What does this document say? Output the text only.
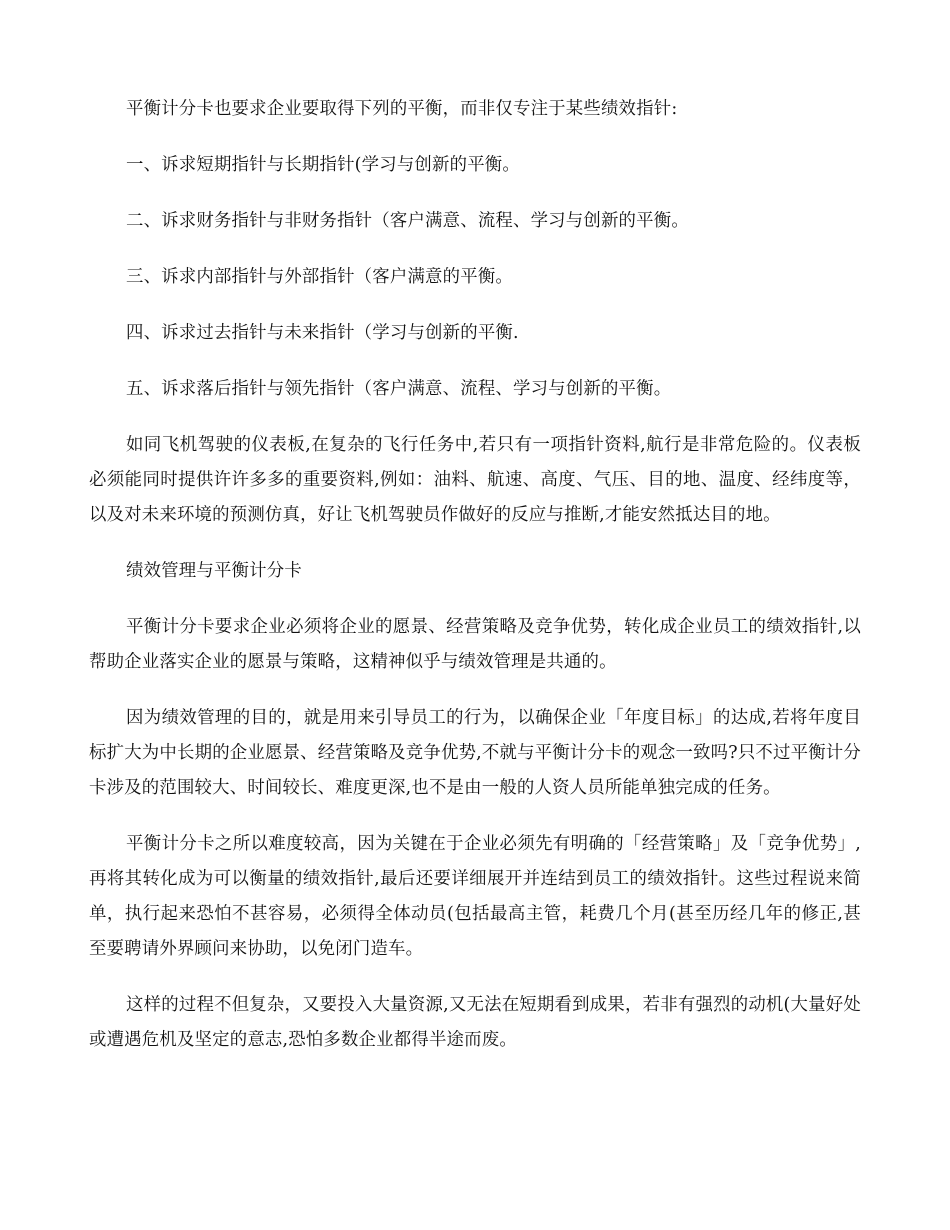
平衡计分卡也要求企业要取得下列的平衡，而非仅专注于某些绩效指针:

一、诉求短期指针与长期指针(学习与创新的平衡。

二、诉求财务指针与非财务指针（客户满意、流程、学习与创新的平衡。

三、诉求内部指针与外部指针（客户满意的平衡。

四、诉求过去指针与未来指针（学习与创新的平衡.

五、诉求落后指针与领先指针（客户满意、流程、学习与创新的平衡。

如同飞机驾驶的仪表板,在复杂的飞行任务中,若只有一项指针资料,航行是非常危险的。仪表板必须能同时提供许许多多的重要资料,例如：油料、航速、高度、气压、目的地、温度、经纬度等，以及对未来环境的预测仿真，好让飞机驾驶员作做好的反应与推断,才能安然抵达目的地。

绩效管理与平衡计分卡

平衡计分卡要求企业必须将企业的愿景、经营策略及竞争优势，转化成企业员工的绩效指针,以帮助企业落实企业的愿景与策略，这精神似乎与绩效管理是共通的。

因为绩效管理的目的，就是用来引导员工的行为，以确保企业「年度目标」的达成,若将年度目标扩大为中长期的企业愿景、经营策略及竞争优势,不就与平衡计分卡的观念一致吗?只不过平衡计分卡涉及的范围较大、时间较长、难度更深,也不是由一般的人资人员所能单独完成的任务。

平衡计分卡之所以难度较高，因为关键在于企业必须先有明确的「经营策略」及「竞争优势」,再将其转化成为可以衡量的绩效指针,最后还要详细展开并连结到员工的绩效指针。这些过程说来简单，执行起来恐怕不甚容易，必须得全体动员(包括最高主管，耗费几个月(甚至历经几年的修正,甚至要聘请外界顾问来协助，以免闭门造车。

这样的过程不但复杂，又要投入大量资源,又无法在短期看到成果，若非有强烈的动机(大量好处或遭遇危机及坚定的意志,恐怕多数企业都得半途而废。
